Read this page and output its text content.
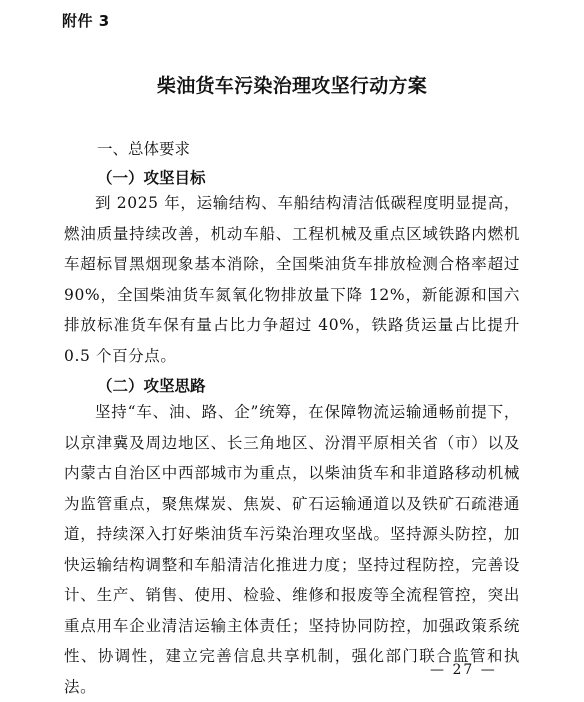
附件 3
柴油货车污染治理攻坚行动方案
一、总体要求
（一）攻坚目标

到 2025 年，运输结构、车船结构清洁低碳程度明显提高，燃油质量持续改善，机动车船、工程机械及重点区域铁路内燃机车超标冒黑烟现象基本消除，全国柴油货车排放检测合格率超过 90%，全国柴油货车氮氧化物排放量下降 12%，新能源和国六排放标准货车保有量占比力争超过 40%，铁路货运量占比提升 0.5 个百分点。

（二）攻坚思路

坚持“车、油、路、企”统筹，在保障物流运输通畅前提下，以京津冀及周边地区、长三角地区、汾渭平原相关省（市）以及内蒙古自治区中西部城市为重点，以柴油货车和非道路移动机械为监管重点，聚焦煤炭、焦炭、矿石运输通道以及铁矿石疏港通道，持续深入打好柴油货车污染治理攻坚战。坚持源头防控，加快运输结构调整和车船清洁化推进力度；坚持过程防控，完善设计、生产、销售、使用、检验、维修和报废等全流程管控，突出重点用车企业清洁运输主体责任；坚持协同防控，加强政策系统性、协调性，建立完善信息共享机制，强化部门联合监管和执法。

— 27 —
